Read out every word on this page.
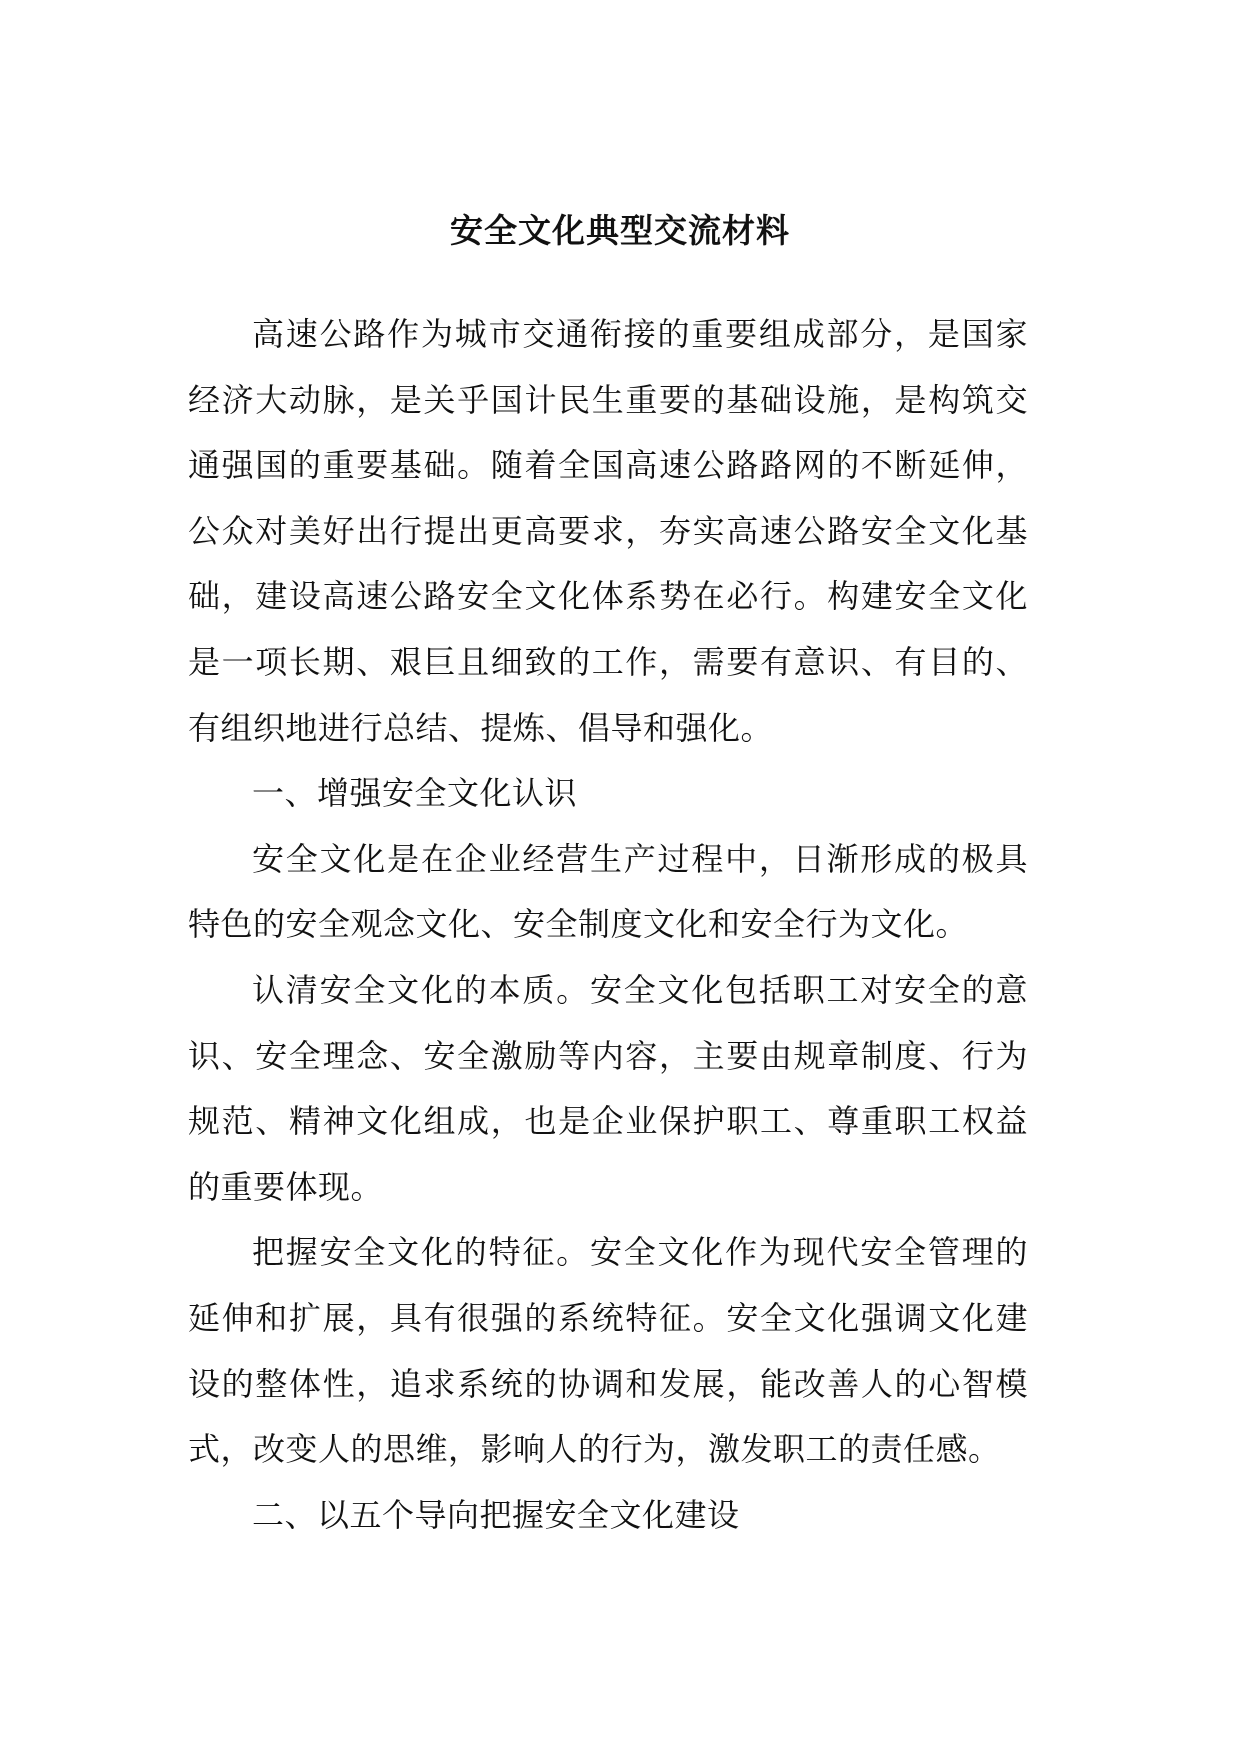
安全文化典型交流材料

高速公路作为城市交通衔接的重要组成部分，是国家经济大动脉，是关乎国计民生重要的基础设施，是构筑交通强国的重要基础。随着全国高速公路路网的不断延伸，公众对美好出行提出更高要求，夯实高速公路安全文化基础，建设高速公路安全文化体系势在必行。构建安全文化是一项长期、艰巨且细致的工作，需要有意识、有目的、有组织地进行总结、提炼、倡导和强化。

一、增强安全文化认识

安全文化是在企业经营生产过程中，日渐形成的极具特色的安全观念文化、安全制度文化和安全行为文化。

认清安全文化的本质。安全文化包括职工对安全的意识、安全理念、安全激励等内容，主要由规章制度、行为规范、精神文化组成，也是企业保护职工、尊重职工权益的重要体现。

把握安全文化的特征。安全文化作为现代安全管理的延伸和扩展，具有很强的系统特征。安全文化强调文化建设的整体性，追求系统的协调和发展，能改善人的心智模式，改变人的思维，影响人的行为，激发职工的责任感。

二、以五个导向把握安全文化建设
